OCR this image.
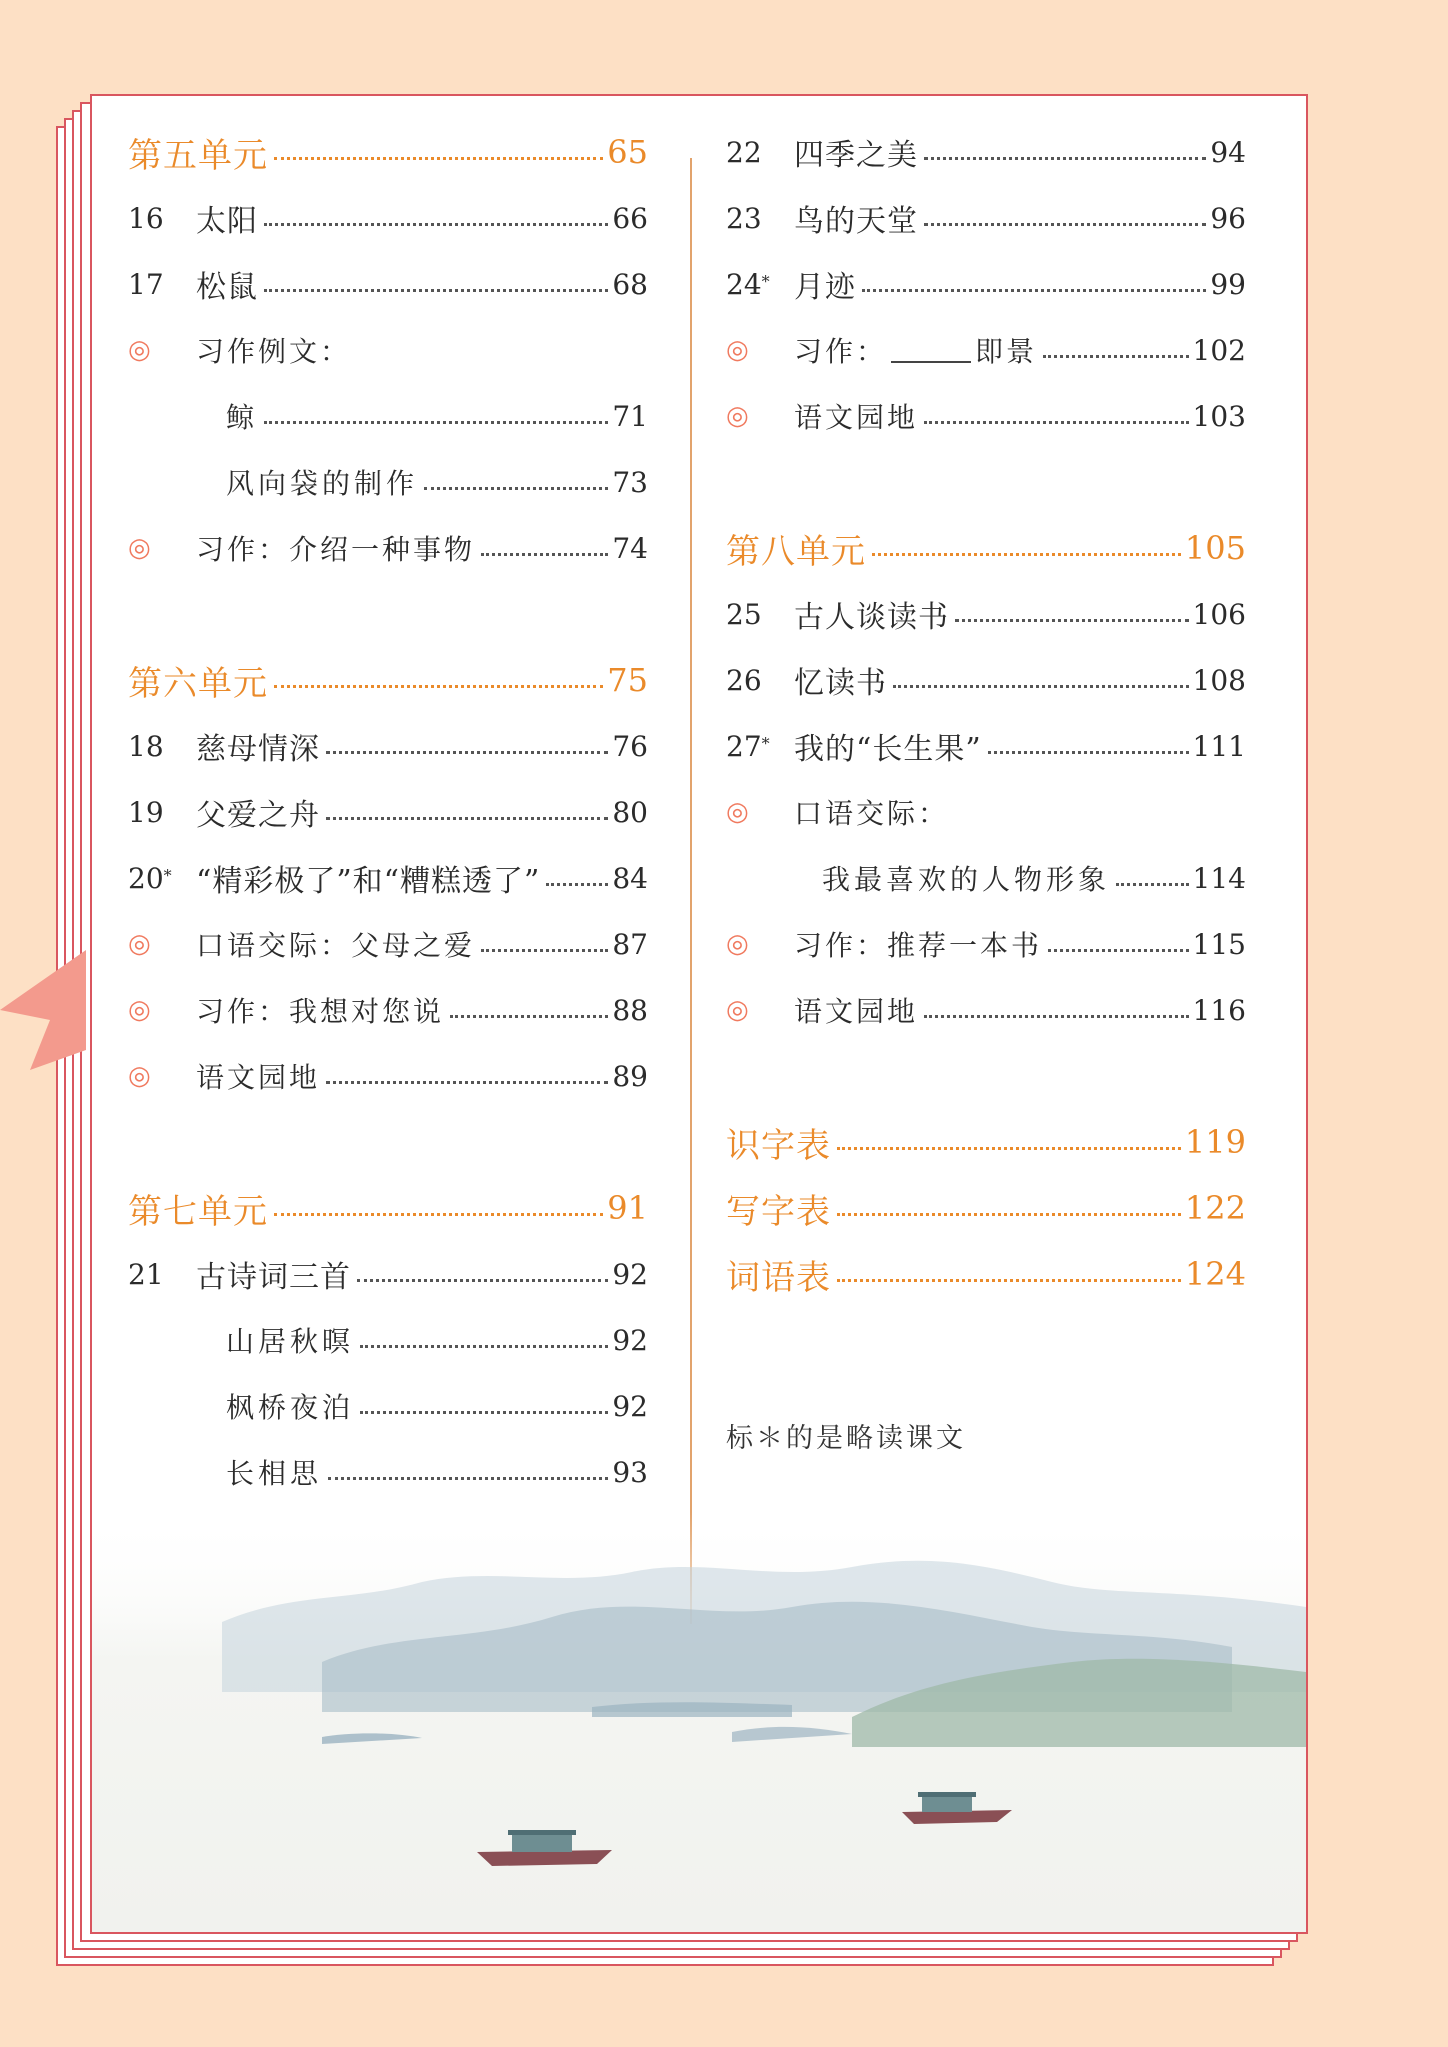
第五单元	65
16	太阳	66
17	松鼠	68
◎	习作例文：
鲸	71
风向袋的制作	73
◎	习作：介绍一种事物	74
第六单元	75
18	慈母情深	76
19	父爱之舟	80
20* “精彩极了”和“糟糕透了”	84
◎	口语交际：父母之爱	87
◎	习作：我想对您说	88
◎	语文园地	89
第七单元	91
21	古诗词三首	92
山居秋暝	92
枫桥夜泊	92
长相思	93
22	四季之美	94
23	鸟的天堂	96
24* 月迹	99
◎	习作：	即景	102
◎	语文园地	103
第八单元	105
25	古人谈读书	106
26	忆读书	108
27* 我的“长生果”	111
◎	口语交际：
我最喜欢的人物形象	114
◎	习作：推荐一本书	115
◎	语文园地	116
识字表	119
写字表	122
词语表	124
标＊的是略读课文
